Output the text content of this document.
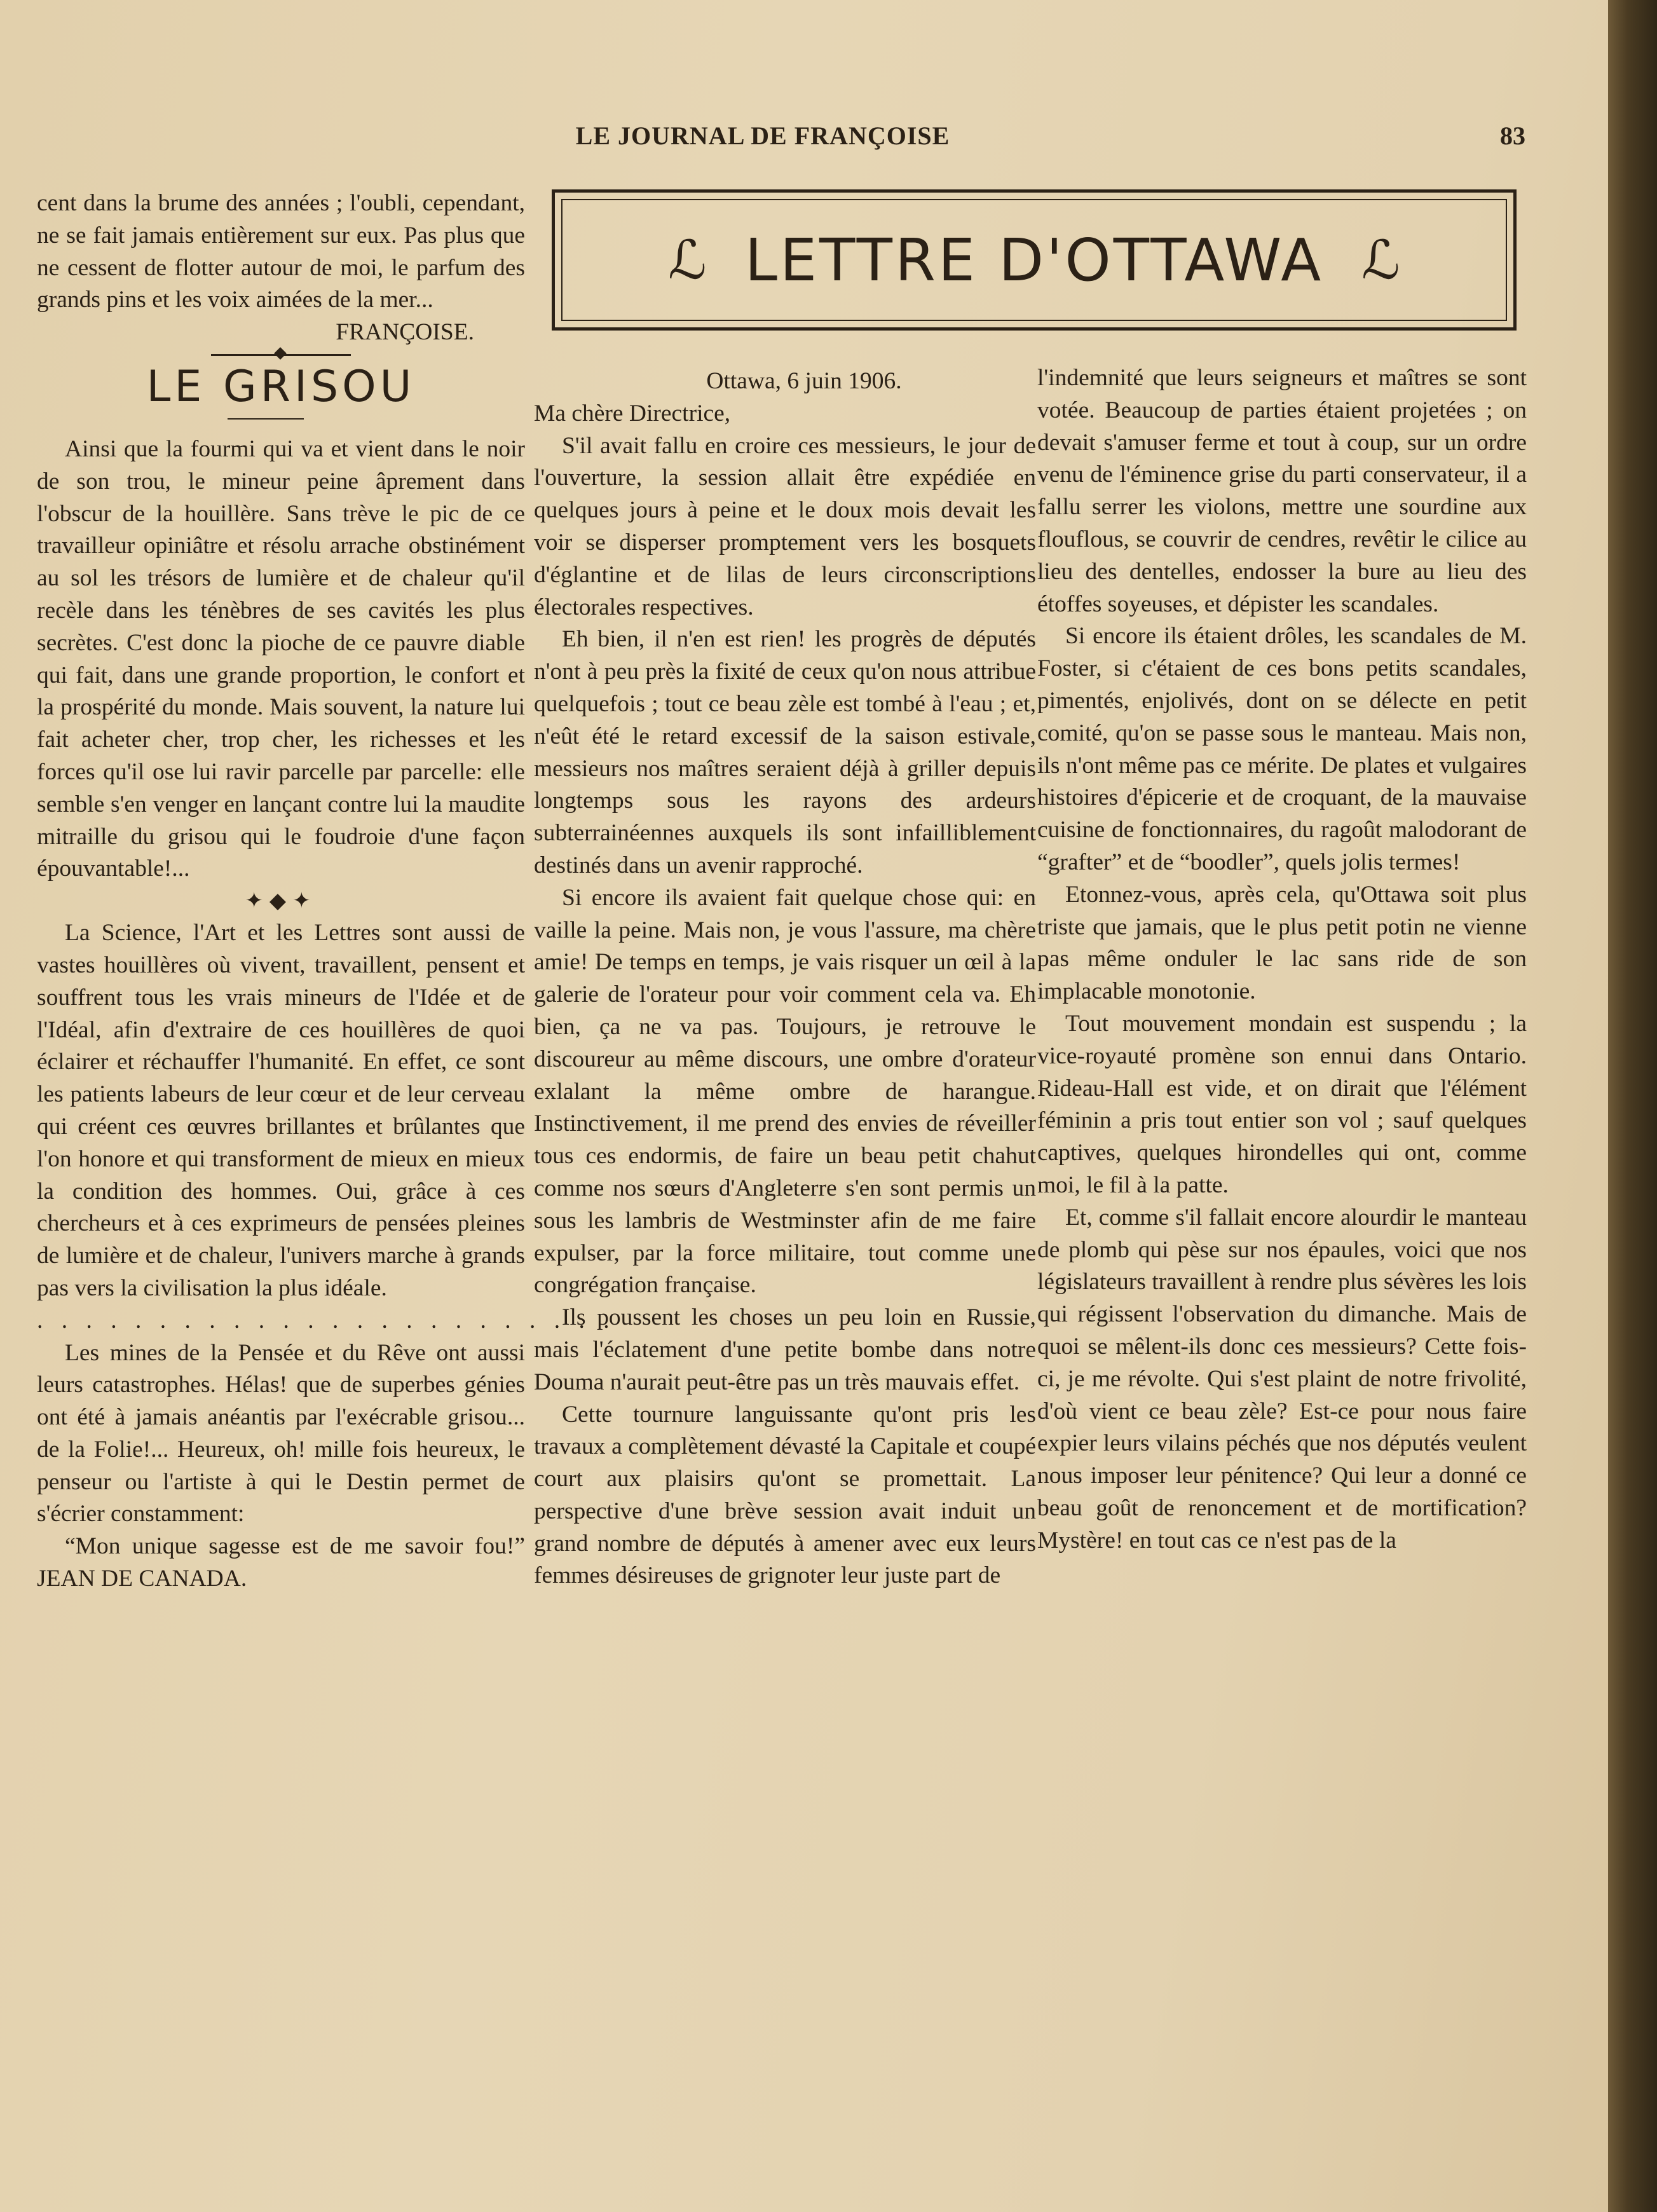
LE JOURNAL DE FRANÇOISE	83

cent dans la brume des années ; l'oubli, cependant, ne se fait jamais entièrement sur eux. Pas plus que ne cessent de flotter autour de moi, le parfum des grands pins et les voix aimées de la mer...

FRANÇOISE.

LE GRISOU

Ainsi que la fourmi qui va et vient dans le noir de son trou, le mineur peine âprement dans l'obscur de la houillère. Sans trève le pic de ce travailleur opiniâtre et résolu arrache obstinément au sol les trésors de lumière et de chaleur qu'il recèle dans les ténèbres de ses cavités les plus secrètes. C'est donc la pioche de ce pauvre diable qui fait, dans une grande proportion, le confort et la prospérité du monde. Mais souvent, la nature lui fait acheter cher, trop cher, les richesses et les forces qu'il ose lui ravir parcelle par parcelle: elle semble s'en venger en lançant contre lui la maudite mitraille du grisou qui le foudroie d'une façon épouvantable!...

✦◆✦

La Science, l'Art et les Lettres sont aussi de vastes houillères où vivent, travaillent, pensent et souffrent tous les vrais mineurs de l'Idée et de l'Idéal, afin d'extraire de ces houillères de quoi éclairer et réchauffer l'humanité. En effet, ce sont les patients labeurs de leur cœur et de leur cerveau qui créent ces œuvres brillantes et brûlantes que l'on honore et qui transforment de mieux en mieux la condition des hommes. Oui, grâce à ces chercheurs et à ces exprimeurs de pensées pleines de lumière et de chaleur, l'univers marche à grands pas vers la civilisation la plus idéale.

. . . . . . . . . . . . . . . . . . . . . . . .

Les mines de la Pensée et du Rêve ont aussi leurs catastrophes. Hélas! que de superbes génies ont été à jamais anéantis par l'exécrable grisou... de la Folie!... Heureux, oh! mille fois heureux, le penseur ou l'artiste à qui le Destin permet de s'écrier constamment:

“Mon unique sagesse est de me savoir fou!” JEAN DE CANADA.

ℒ LETTRE D'OTTAWA ℒ

Ottawa, 6 juin 1906.

Ma chère Directrice,

S'il avait fallu en croire ces messieurs, le jour de l'ouverture, la session allait être expédiée en quelques jours à peine et le doux mois devait les voir se disperser promptement vers les bosquets d'églantine et de lilas de leurs circonscriptions électorales respectives.

Eh bien, il n'en est rien! les progrès de députés n'ont à peu près la fixité de ceux qu'on nous attribue quelquefois ; tout ce beau zèle est tombé à l'eau ; et, n'eût été le retard excessif de la saison estivale, messieurs nos maîtres seraient déjà à griller depuis longtemps sous les rayons des ardeurs subterrainéennes auxquels ils sont infailliblement destinés dans un avenir rapproché.

Si encore ils avaient fait quelque chose qui: en vaille la peine. Mais non, je vous l'assure, ma chère amie! De temps en temps, je vais risquer un œil à la galerie de l'orateur pour voir comment cela va. Eh bien, ça ne va pas. Toujours, je retrouve le discoureur au même discours, une ombre d'orateur exlalant la même ombre de harangue. Instinctivement, il me prend des envies de réveiller tous ces endormis, de faire un beau petit chahut comme nos sœurs d'Angleterre s'en sont permis un sous les lambris de Westminster afin de me faire expulser, par la force militaire, tout comme une congrégation française.

Ils poussent les choses un peu loin en Russie, mais l'éclatement d'une petite bombe dans notre Douma n'aurait peut-être pas un très mauvais effet.

Cette tournure languissante qu'ont pris les travaux a complètement dévasté la Capitale et coupé court aux plaisirs qu'ont se promettait. La perspective d'une brève session avait induit un grand nombre de députés à amener avec eux leurs femmes désireuses de grignoter leur juste part de

l'indemnité que leurs seigneurs et maîtres se sont votée. Beaucoup de parties étaient projetées ; on devait s'amuser ferme et tout à coup, sur un ordre venu de l'éminence grise du parti conservateur, il a fallu serrer les violons, mettre une sourdine aux flouflous, se couvrir de cendres, revêtir le cilice au lieu des dentelles, endosser la bure au lieu des étoffes soyeuses, et dépister les scandales.

Si encore ils étaient drôles, les scandales de M. Foster, si c'étaient de ces bons petits scandales, pimentés, enjolivés, dont on se délecte en petit comité, qu'on se passe sous le manteau. Mais non, ils n'ont même pas ce mérite. De plates et vulgaires histoires d'épicerie et de croquant, de la mauvaise cuisine de fonctionnaires, du ragoût malodorant de “grafter” et de “boodler”, quels jolis termes!

Etonnez-vous, après cela, qu'Ottawa soit plus triste que jamais, que le plus petit potin ne vienne pas même onduler le lac sans ride de son implacable monotonie.

Tout mouvement mondain est suspendu ; la vice-royauté promène son ennui dans Ontario. Rideau-Hall est vide, et on dirait que l'élément féminin a pris tout entier son vol ; sauf quelques captives, quelques hirondelles qui ont, comme moi, le fil à la patte.

Et, comme s'il fallait encore alourdir le manteau de plomb qui pèse sur nos épaules, voici que nos législateurs travaillent à rendre plus sévères les lois qui régissent l'observation du dimanche. Mais de quoi se mêlent-ils donc ces messieurs? Cette fois-ci, je me révolte. Qui s'est plaint de notre frivolité, d'où vient ce beau zèle? Est-ce pour nous faire expier leurs vilains péchés que nos députés veulent nous imposer leur pénitence? Qui leur a donné ce beau goût de renoncement et de mortification? Mystère! en tout cas ce n'est pas de la
